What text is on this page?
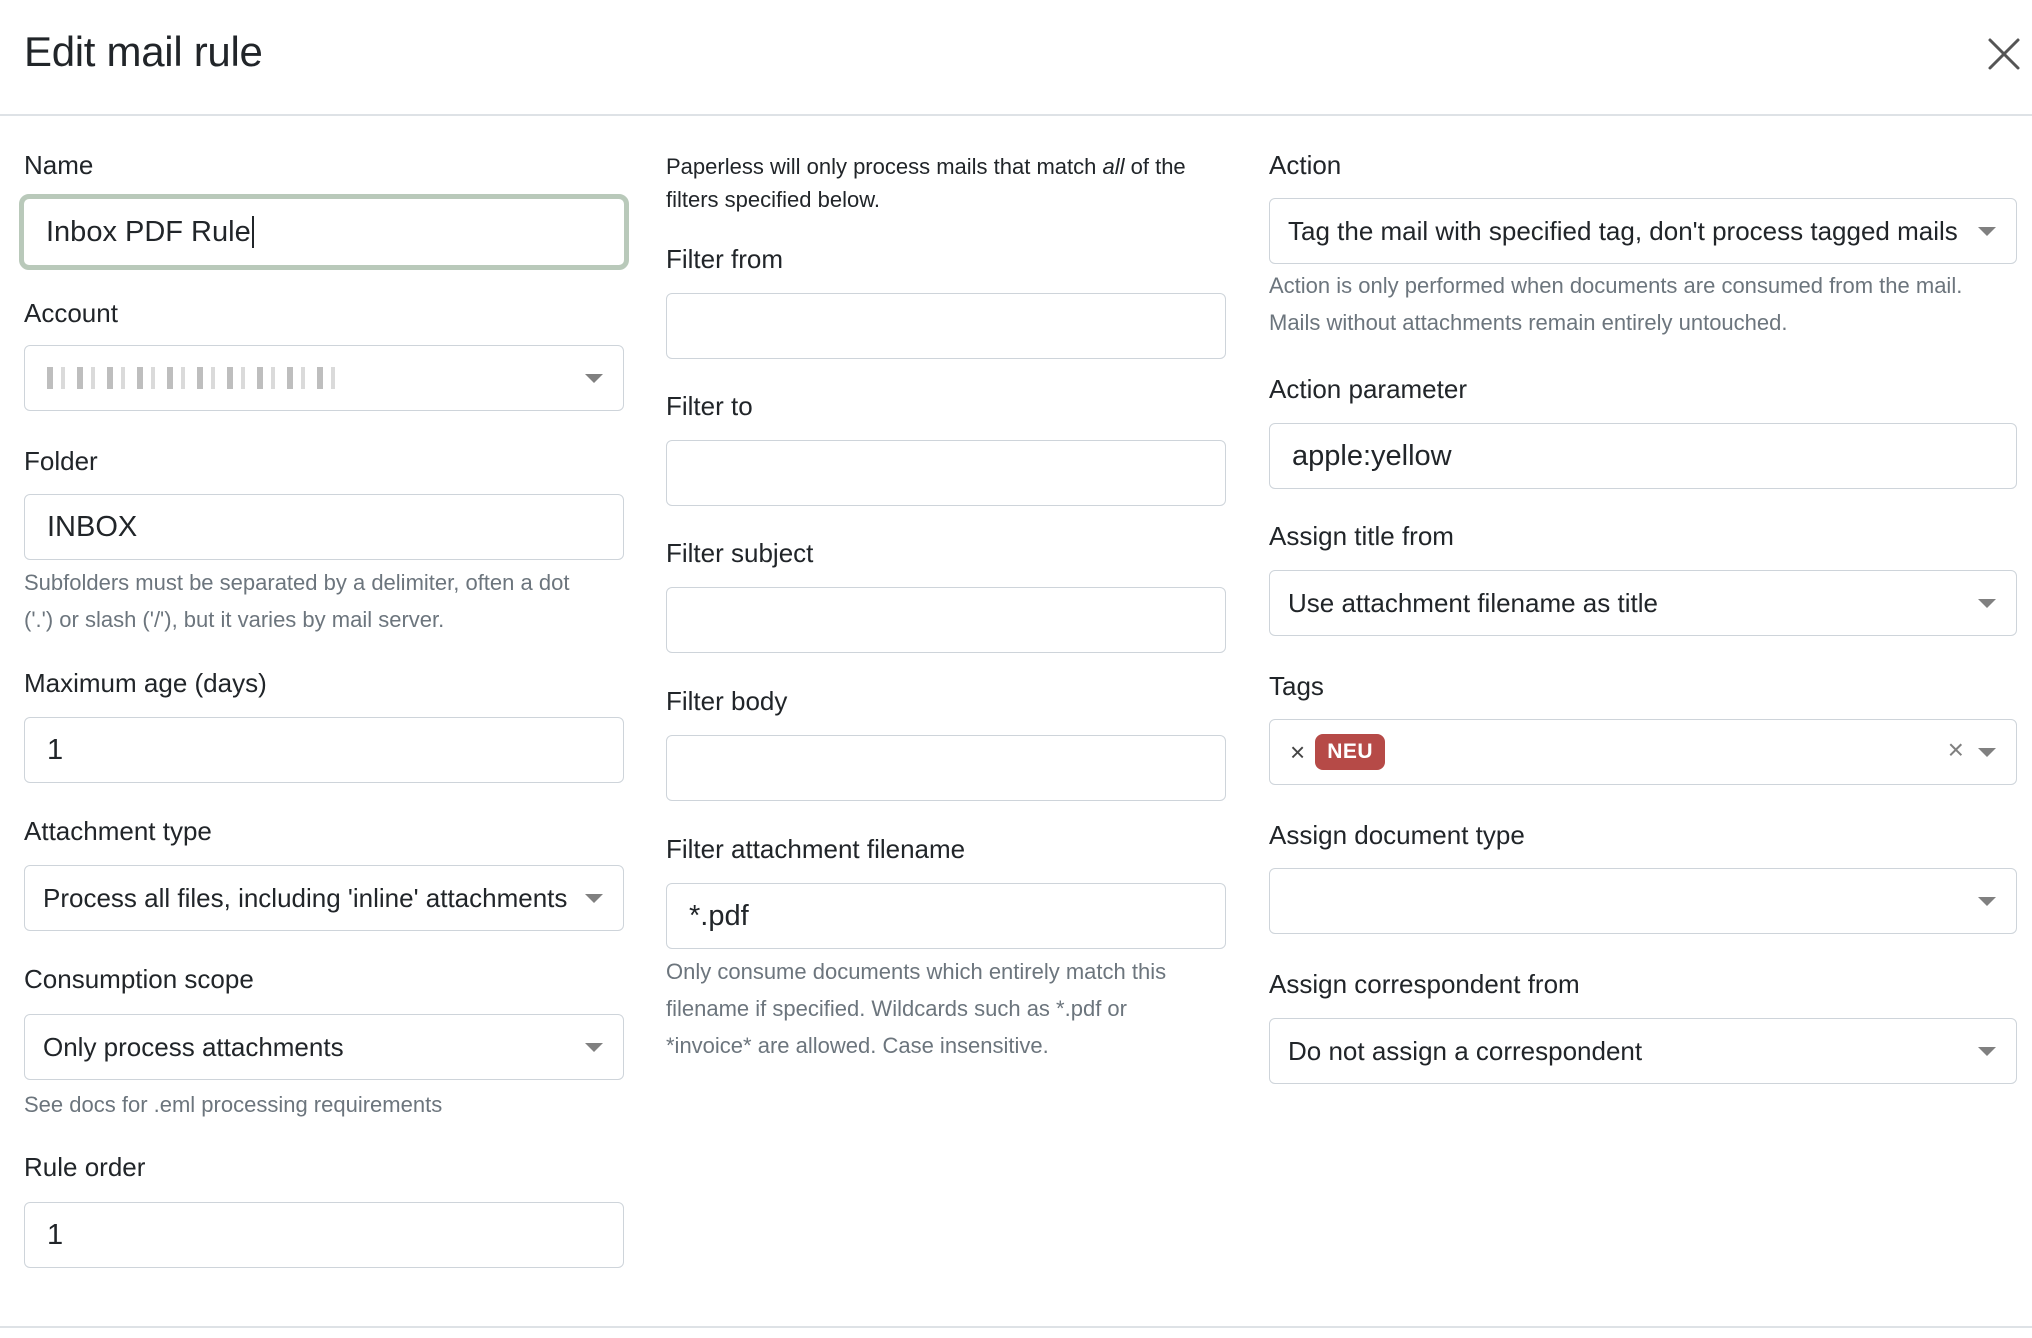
Edit mail rule
Name
Inbox PDF Rule
Account
Folder
INBOX
Subfolders must be separated by a delimiter, often a dot
('.') or slash ('/'), but it varies by mail server.
Maximum age (days)
1
Attachment type
Process all files, including 'inline' attachments
Consumption scope
Only process attachments
See docs for .eml processing requirements
Rule order
1
Paperless will only process mails that match all of the filters specified below.
Filter from
Filter to
Filter subject
Filter body
Filter attachment filename
*.pdf
Only consume documents which entirely match this
filename if specified. Wildcards such as *.pdf or
*invoice* are allowed. Case insensitive.
Action
Tag the mail with specified tag, don't process tagged mails
Action is only performed when documents are consumed from the mail.
Mails without attachments remain entirely untouched.
Action parameter
apple:yellow
Assign title from
Use attachment filename as title
Tags
×	NEU	×
Assign document type
Assign correspondent from
Do not assign a correspondent
